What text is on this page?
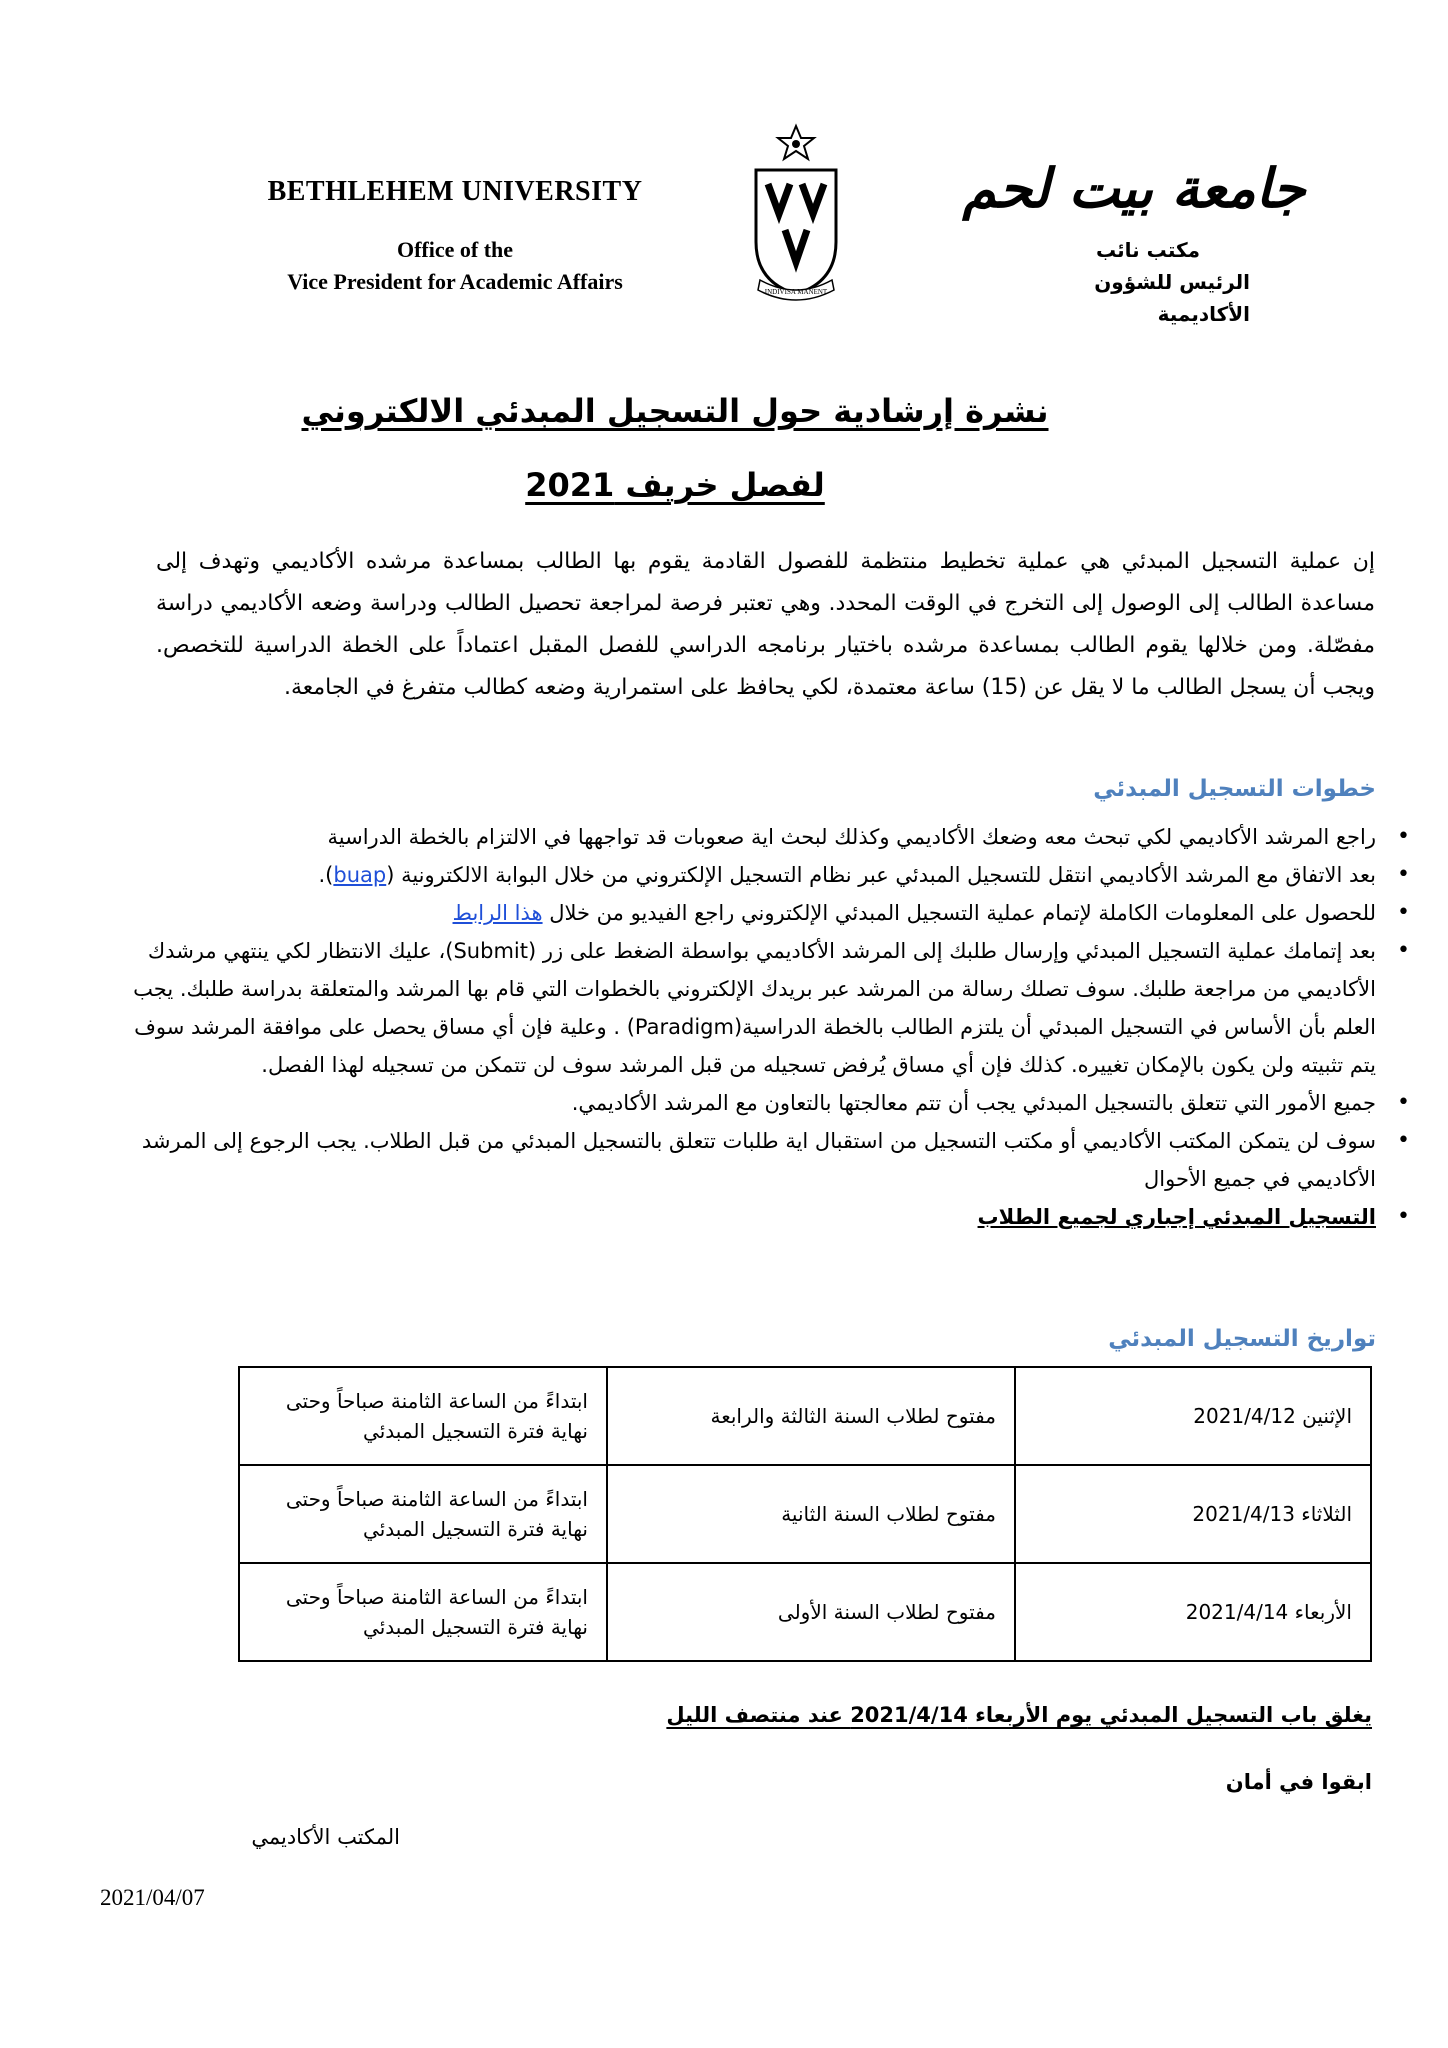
BETHLEHEM UNIVERSITY
Office of the
Vice President for Academic Affairs	INDIVISA MANENT
جامعة بيت لحم
مكتب نائب
الرئيس للشؤون الأكاديمية
نشرة إرشادية حول التسجيل المبدئي الالكتروني
لفصل خريف 2021
إن عملية التسجيل المبدئي هي عملية تخطيط منتظمة للفصول القادمة يقوم بها الطالب بمساعدة مرشده الأكاديمي وتهدف إلى مساعدة الطالب إلى الوصول إلى التخرج في الوقت المحدد. وهي تعتبر فرصة لمراجعة تحصيل الطالب ودراسة وضعه الأكاديمي دراسة مفصّلة. ومن خلالها يقوم الطالب بمساعدة مرشده باختيار برنامجه الدراسي للفصل المقبل اعتماداً على الخطة الدراسية للتخصص. ويجب أن يسجل الطالب ما لا يقل عن (15) ساعة معتمدة، لكي يحافظ على استمرارية وضعه كطالب متفرغ في الجامعة.
خطوات التسجيل المبدئي
• راجع المرشد الأكاديمي لكي تبحث معه وضعك الأكاديمي وكذلك لبحث اية صعوبات قد تواجهها في الالتزام بالخطة الدراسية
• بعد الاتفاق مع المرشد الأكاديمي انتقل للتسجيل المبدئي عبر نظام التسجيل الإلكتروني من خلال البوابة الالكترونية (buap).
• للحصول على المعلومات الكاملة لإتمام عملية التسجيل المبدئي الإلكتروني راجع الفيديو من خلال هذا الرابط
• بعد إتمامك عملية التسجيل المبدئي وإرسال طلبك إلى المرشد الأكاديمي بواسطة الضغط على زر (Submit)، عليك الانتظار لكي ينتهي مرشدك الأكاديمي من مراجعة طلبك. سوف تصلك رسالة من المرشد عبر بريدك الإلكتروني بالخطوات التي قام بها المرشد والمتعلقة بدراسة طلبك. يجب العلم بأن الأساس في التسجيل المبدئي أن يلتزم الطالب بالخطة الدراسية(Paradigm) . وعلية فإن أي مساق يحصل على موافقة المرشد سوف يتم تثبيته ولن يكون بالإمكان تغييره. كذلك فإن أي مساق يُرفض تسجيله من قبل المرشد سوف لن تتمكن من تسجيله لهذا الفصل.
• جميع الأمور التي تتعلق بالتسجيل المبدئي يجب أن تتم معالجتها بالتعاون مع المرشد الأكاديمي.
• سوف لن يتمكن المكتب الأكاديمي أو مكتب التسجيل من استقبال اية طلبات تتعلق بالتسجيل المبدئي من قبل الطلاب. يجب الرجوع إلى المرشد الأكاديمي في جميع الأحوال
• التسجيل المبدئي إجباري لجميع الطلاب
تواريخ التسجيل المبدئي
الإثنين 2021/4/12	مفتوح لطلاب السنة الثالثة والرابعة	ابتداءً من الساعة الثامنة صباحاً وحتى نهاية فترة التسجيل المبدئي
الثلاثاء 2021/4/13	مفتوح لطلاب السنة الثانية	ابتداءً من الساعة الثامنة صباحاً وحتى نهاية فترة التسجيل المبدئي
الأربعاء 2021/4/14	مفتوح لطلاب السنة الأولى	ابتداءً من الساعة الثامنة صباحاً وحتى نهاية فترة التسجيل المبدئي
يغلق باب التسجيل المبدئي يوم الأربعاء 2021/4/14 عند منتصف الليل
ابقوا في أمان
المكتب الأكاديمي
2021/04/07
